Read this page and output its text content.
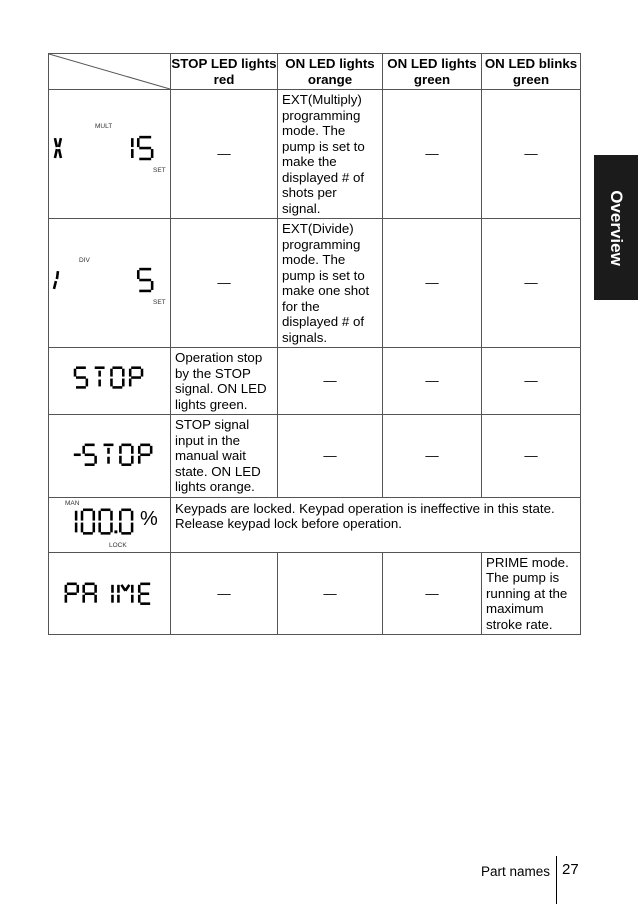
	STOP LED lights red	ON LED lights orange	ON LED lights green	ON LED blinks green

MULT
SET	—	EXT(Multiply) programming mode. The pump is set to make the displayed # of shots per signal.	—	—

DIV
SET	—	EXT(Divide) programming mode. The pump is set to make one shot for the displayed # of signals.	—	—

	Operation stop by the STOP signal. ON LED lights green.	—	—	—

	STOP signal input in the manual wait state. ON LED lights orange.	—	—	—

MAN
LOCK
%	Keypads are locked. Keypad operation is ineffective in this state. Release keypad lock before operation.			

	—	—	—	PRIME mode. The pump is running at the maximum stroke rate.
Overview
Part names 27
